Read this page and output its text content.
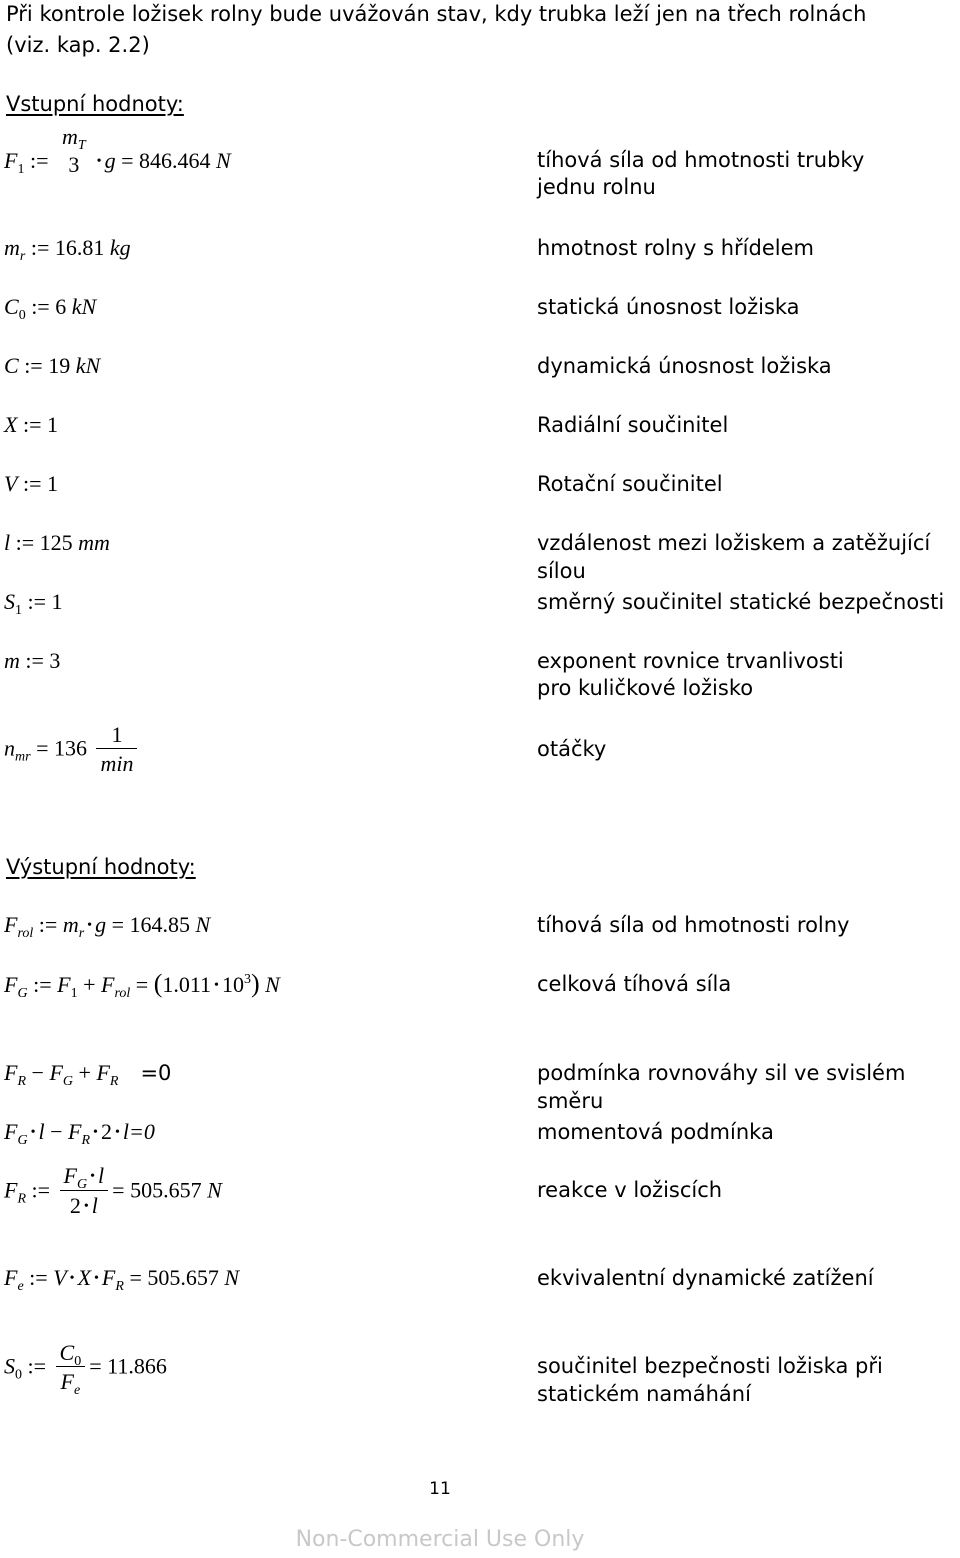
Při kontrole ložisek rolny bude uvážován stav, kdy trubka leží jen na třech rolnách
(viz. kap. 2.2)
Vstupní hodnoty:
$F_1$ :=
$m_T$
3	• g = 846.464 N	tíhová síla od hmotnosti trubky
jednu rolnu
$m_r$ := 16.81 kg	hmotnost rolny s hřídelem
$C_0$ := 6 kN	statická únosnost ložiska
C := 19 kN	dynamická únosnost ložiska
X := 1	Radiální součinitel
V := 1	Rotační součinitel
l := 125 mm	vzdálenost mezi ložiskem a zatěžující sílou
$S_1$ := 1	směrný součinitel statické bezpečnosti
m := 3	exponent rovnice trvanlivosti
pro kuličkové ložisko
$n_{mr} = 136 \frac{1}{\min}$	otáčky
Výstupní hodnoty:
$F_{rol}$ := $m_r•$ g = 164.85 N	tíhová síla od hmotnosti rolny
$F_G$ := $F_1 + F_{rol} = (1.011$ • $10^3$) N	celková tíhová síla
$F_R - F_G + F_R =0$	podmínka rovnováhy sil ve svislém směru
$F_G•$ $l - F_R•$ 2 • l=0	momentová podmínka
$F_R$ := $\frac{F_G• l}{2 • l} = 505.657$ N	reakce v ložiscích
$F_e$ := V • X • $F_R = 505.657$ N	ekvivalentní dynamické zatížení
$S_0$ := $\frac{C_0}{F_e} = 11.866$	součinitel bezpečnosti ložiska při
statickém namáhání
11
Non-Commercial Use Only
